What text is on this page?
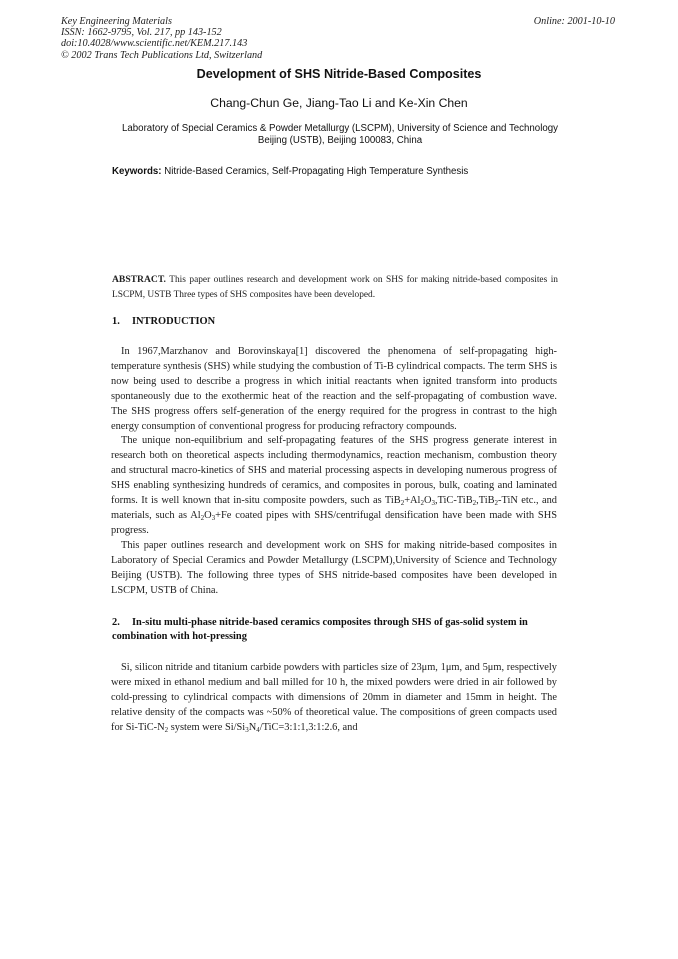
Key Engineering Materials
ISSN: 1662-9795, Vol. 217, pp 143-152
doi:10.4028/www.scientific.net/KEM.217.143
© 2002 Trans Tech Publications Ltd, Switzerland
Online: 2001-10-10
Development of SHS Nitride-Based Composites
Chang-Chun Ge, Jiang-Tao Li and Ke-Xin Chen
Laboratory of Special Ceramics & Powder Metallurgy (LSCPM), University of Science and Technology Beijing (USTB), Beijing 100083, China
Keywords: Nitride-Based Ceramics, Self-Propagating High Temperature Synthesis
ABSTRACT. This paper outlines research and development work on SHS for making nitride-based composites in LSCPM, USTB Three types of SHS composites have been developed.
1. INTRODUCTION

In 1967,Marzhanov and Borovinskaya[1] discovered the phenomena of self-propagating high-temperature synthesis (SHS) while studying the combustion of Ti-B cylindrical compacts. The term SHS is now being used to describe a progress in which initial reactants when ignited transform into products spontaneously due to the exothermic heat of the reaction and the self-propagating of combustion wave. The SHS progress offers self-generation of the energy required for the progress in contrast to the high energy consumption of conventional progress for producing refractory compounds.

The unique non-equilibrium and self-propagating features of the SHS progress generate interest in research both on theoretical aspects including thermodynamics, reaction mechanism, combustion theory and structural macro-kinetics of SHS and material processing aspects in developing numerous progress of SHS enabling synthesizing hundreds of ceramics, and composites in porous, bulk, coating and laminated forms. It is well known that in-situ composite powders, such as $TiB_2+Al_2O_3,TiC-TiB_2,TiB_2$-TiN etc., and materials, such as $Al_2O_3+Fe$ coated pipes with SHS/centrifugal densification have been made with SHS progress.

This paper outlines research and development work on SHS for making nitride-based composites in Laboratory of Special Ceramics and Powder Metallurgy (LSCPM),University of Science and Technology Beijing (USTB). The following three types of SHS nitride-based composites have been developed in LSCPM, USTB of China.

2. In-situ multi-phase nitride-based ceramics composites through SHS of gas-solid system in combination with hot-pressing

Si, silicon nitride and titanium carbide powders with particles size of 23μm, 1μm, and 5μm, respectively were mixed in ethanol medium and ball milled for 10 h, the mixed powders were dried in air followed by cold-pressing to cylindrical compacts with dimensions of 20mm in diameter and 15mm in height. The relative density of the compacts was ~50% of theoretical value. The compositions of green compacts used for $Si-TiC-N_2$ system were $Si/Si_3N_4/TiC=3:1:1,3:1:2.6$, and
